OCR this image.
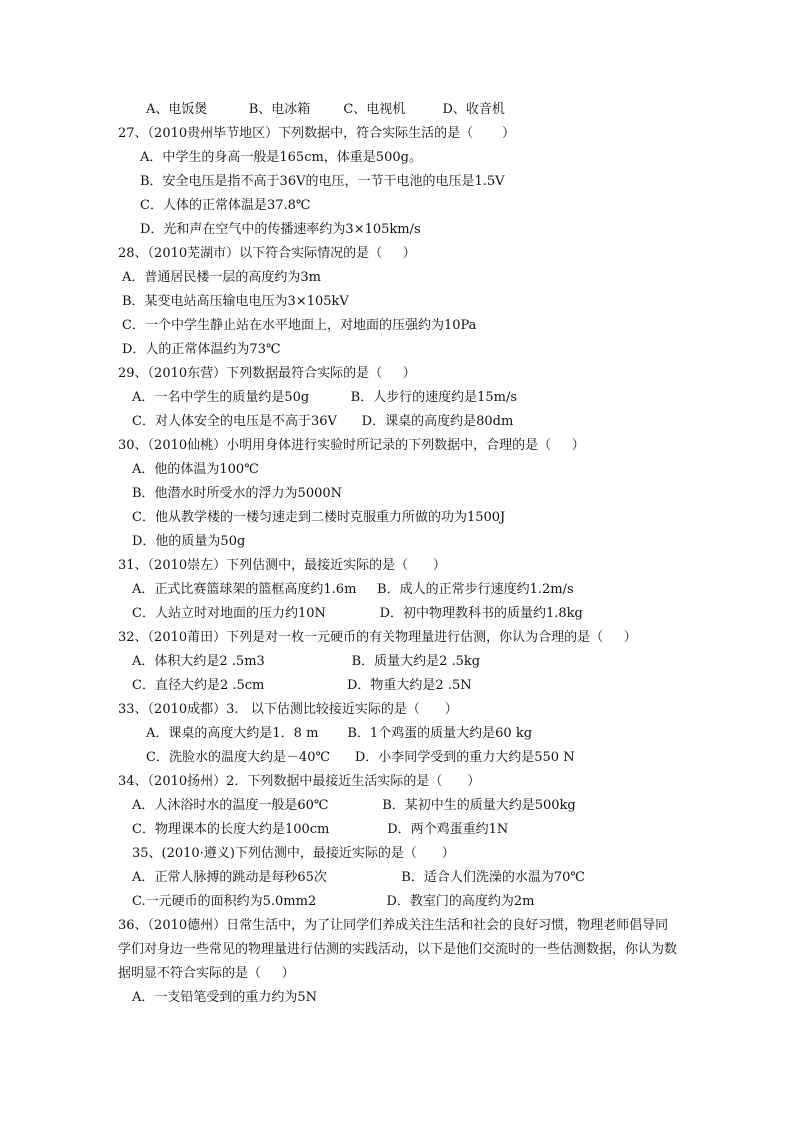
A、电饭煲          B、电冰箱        C、电视机         D、收音机
27、（2010贵州毕节地区）下列数据中，符合实际生活的是（       ）
A．中学生的身高一般是165cm，体重是500g。
B．安全电压是指不高于36V的电压，一节干电池的电压是1.5V
C．人体的正常体温是37.8℃
D．光和声在空气中的传播速率约为3×105km/s
28、（2010芜湖市）以下符合实际情况的是（     ）
A．普通居民楼一层的高度约为3m
B．某变电站高压输电电压为3×105kV
C．一个中学生静止站在水平地面上，对地面的压强约为10Pa
D．人的正常体温约为73℃
29、（2010东营）下列数据最符合实际的是（     ）
A．一名中学生的质量约是50g          B．人步行的速度约是15m/s
C．对人体安全的电压是不高于36V      D．课桌的高度约是80dm
30、（2010仙桃）小明用身体进行实验时所记录的下列数据中，合理的是（     ）
A．他的体温为100℃
B．他潜水时所受水的浮力为5000N
C．他从教学楼的一楼匀速走到二楼时克服重力所做的功为1500J
D．他的质量为50g
31、（2010崇左）下列估测中，最接近实际的是（      ）
A．正式比赛篮球架的篮框高度约1.6m     B．成人的正常步行速度约1.2m/s
C．人站立时对地面的压力约10N             D．初中物理教科书的质量约1.8kg
32、（2010莆田）下列是对一枚一元硬币的有关物理量进行估测，你认为合理的是（     ）
A．体积大约是2 .5m3                     B．质量大约是2 .5kg
C．直径大约是2 .5cm                    D．物重大约是2 .5N
33、（2010成都）3.   以下估测比较接近实际的是（      ）
A．课桌的高度大约是1．8 m       B．1个鸡蛋的质量大约是60 kg
C．洗脸水的温度大约是－40℃      D．小李同学受到的重力大约是550 N
34、（2010扬州）2．下列数据中最接近生活实际的是（      ）
A．人沐浴时水的温度一般是60℃             B．某初中生的质量大约是500kg
C．物理课本的长度大约是100cm              D．两个鸡蛋重约1N
35、(2010·遵义)下列估测中，最接近实际的是（      ）
A．正常人脉搏的跳动是每秒65次                  B．适合人们洗澡的水温为70℃
C.一元硬币的面积约为5.0mm2                 D．教室门的高度约为2m
36、（2010德州）日常生活中，为了让同学们养成关注生活和社会的良好习惯，物理老师倡导同学们对身边一些常见的物理量进行估测的实践活动，以下是他们交流时的一些估测数据，你认为数据明显不符合实际的是（     ）
A．一支铅笔受到的重力约为5N
